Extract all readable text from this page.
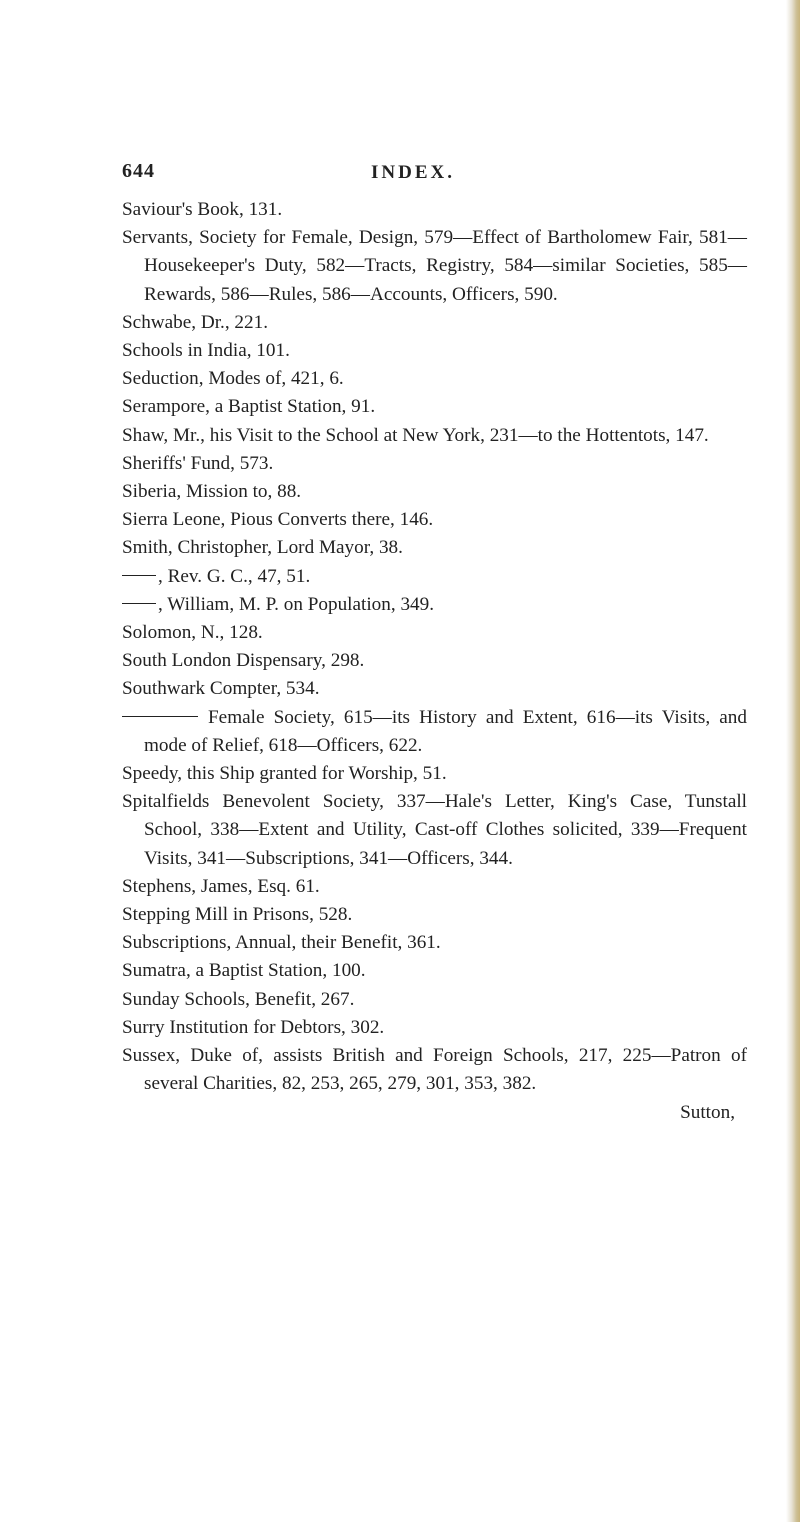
644	INDEX.
Saviour's Book, 131.
Servants, Society for Female, Design, 579—Effect of Bartholomew Fair, 581—Housekeeper's Duty, 582—Tracts, Registry, 584—similar Societies, 585—Rewards, 586—Rules, 586—Accounts, Officers, 590.
Schwabe, Dr., 221.
Schools in India, 101.
Seduction, Modes of, 421, 6.
Serampore, a Baptist Station, 91.
Shaw, Mr., his Visit to the School at New York, 231—to the Hottentots, 147.
Sheriffs' Fund, 573.
Siberia, Mission to, 88.
Sierra Leone, Pious Converts there, 146.
Smith, Christopher, Lord Mayor, 38.
, Rev. G. C., 47, 51.
, William, M. P. on Population, 349.
Solomon, N., 128.
South London Dispensary, 298.
Southwark Compter, 534.
Female Society, 615—its History and Extent, 616—its Visits, and mode of Relief, 618—Officers, 622.
Speedy, this Ship granted for Worship, 51.
Spitalfields Benevolent Society, 337—Hale's Letter, King's Case, Tunstall School, 338—Extent and Utility, Cast-off Clothes solicited, 339—Frequent Visits, 341—Subscriptions, 341—Officers, 344.
Stephens, James, Esq. 61.
Stepping Mill in Prisons, 528.
Subscriptions, Annual, their Benefit, 361.
Sumatra, a Baptist Station, 100.
Sunday Schools, Benefit, 267.
Surry Institution for Debtors, 302.
Sussex, Duke of, assists British and Foreign Schools, 217, 225—Patron of several Charities, 82, 253, 265, 279, 301, 353, 382.
Sutton,
